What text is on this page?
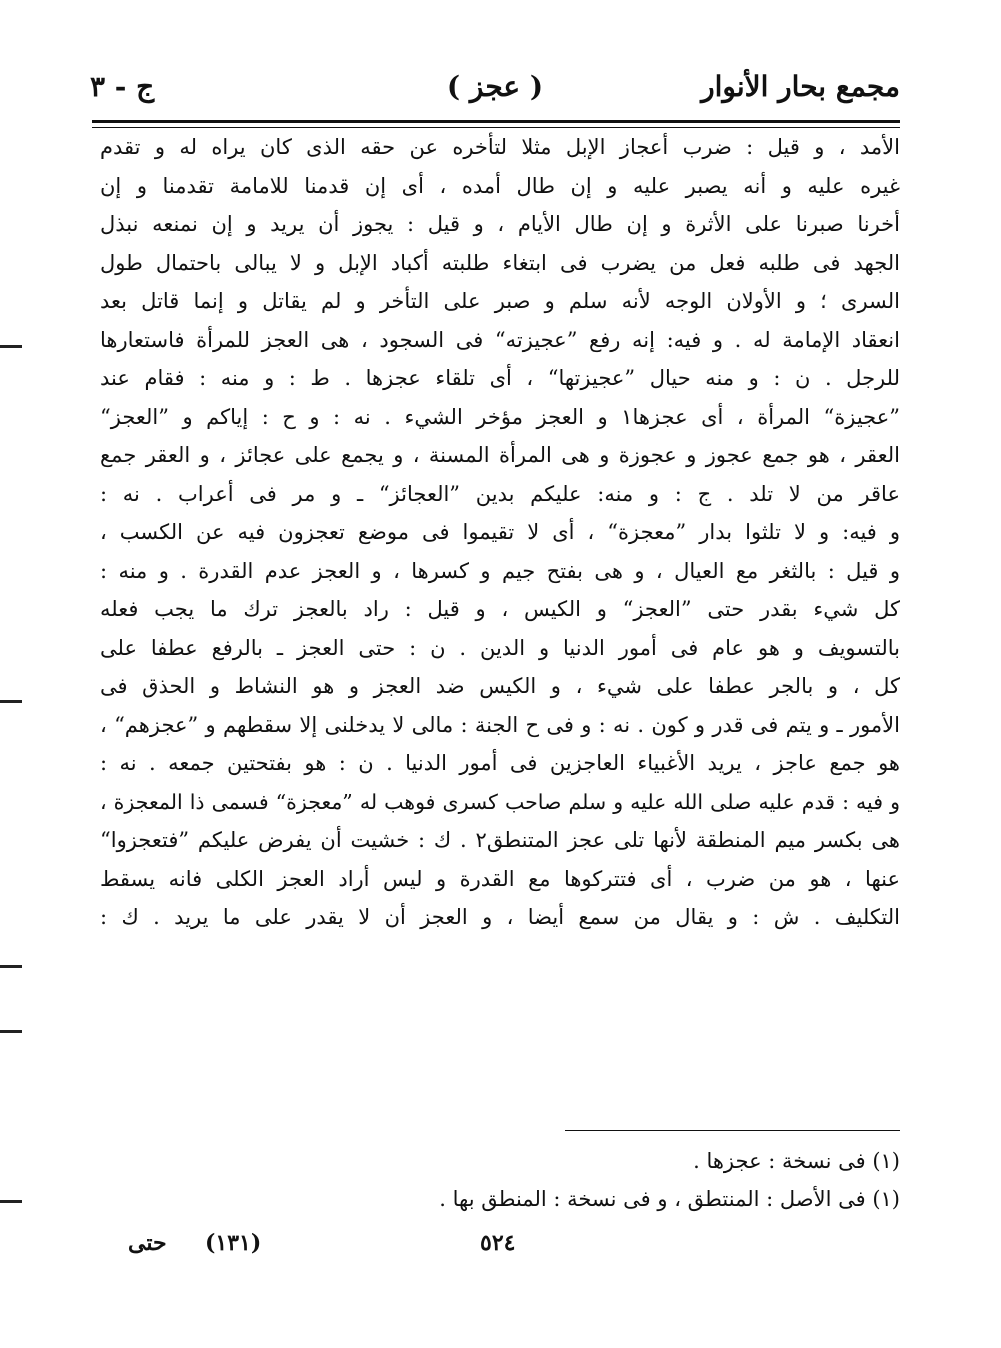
مجمع بحار الأنوار
( عجز )
ج - ٣
الأمد ، و قيل : ضرب أعجاز الإبل مثلا لتأخره عن حقه الذى كان يراه له و تقدم
غيره عليه و أنه يصبر عليه و إن طال أمده ، أى إن قدمنا للامامة تقدمنا و إن
أخرنا صبرنا على الأثرة و إن طال الأيام ، و قيل : يجوز أن يريد و إن نمنعه نبذل
الجهد فى طلبه فعل من يضرب فى ابتغاء طلبته أكباد الإبل و لا يبالى باحتمال طول
السرى ؛ و الأولان الوجه لأنه سلم و صبر على التأخر و لم يقاتل و إنما قاتل بعد
انعقاد الإمامة له . و فيه: إنه رفع ”عجيزته“ فى السجود ، هى العجز للمرأة فاستعارها
للرجل . ن : و منه حيال ”عجيزتها“ ، أى تلقاء عجزها . ط : و منه : فقام عند
”عجيزة“ المرأة ، أى عجزها١ و العجز مؤخر الشيء . نه : و ح : إياكم و ”العجز“
العقر ، هو جمع عجوز و عجوزة و هى المرأة المسنة ، و يجمع على عجائز ، و العقر جمع
عاقر من لا تلد . ج : و منه: عليكم بدين ”العجائز“ ـ و مر فى أعراب . نه :
و فيه: و لا تلثوا بدار ”معجزة“ ، أى لا تقيموا فى موضع تعجزون فيه عن الكسب ،
و قيل : بالثغر مع العيال ، و هى بفتح جيم و كسرها ، و العجز عدم القدرة . و منه :
كل شيء بقدر حتى ”العجز“ و الكيس ، و قيل : راد بالعجز ترك ما يجب فعله
بالتسويف و هو عام فى أمور الدنيا و الدين . ن : حتى العجز ـ بالرفع عطفا على
كل ، و بالجر عطفا على شيء ، و الكيس ضد العجز و هو النشاط و الحذق فى
الأمور ـ و يتم فى قدر و كون . نه : و فى ح الجنة : مالى لا يدخلنى إلا سقطهم و ”عجزهم“ ،
هو جمع عاجز ، يريد الأغبياء العاجزين فى أمور الدنيا . ن : هو بفتحتين جمعه . نه :
و فيه : قدم عليه صلى الله عليه و سلم صاحب كسرى فوهب له ”معجزة“ فسمى ذا المعجزة ،
هى بكسر ميم المنطقة لأنها تلى عجز المتنطق٢ . ك : خشيت أن يفرض عليكم ”فتعجزوا“
عنها ، هو من ضرب ، أى فتتركوها مع القدرة و ليس أراد العجز الكلى فانه يسقط
التكليف . ش : و يقال من سمع أيضا ، و العجز أن لا يقدر على ما يريد . ك :
(١) فى نسخة : عجزها .
(١) فى الأصل : المنتطق ، و فى نسخة : المنطق بها .
٥٢٤
(١٣١)
حتى
